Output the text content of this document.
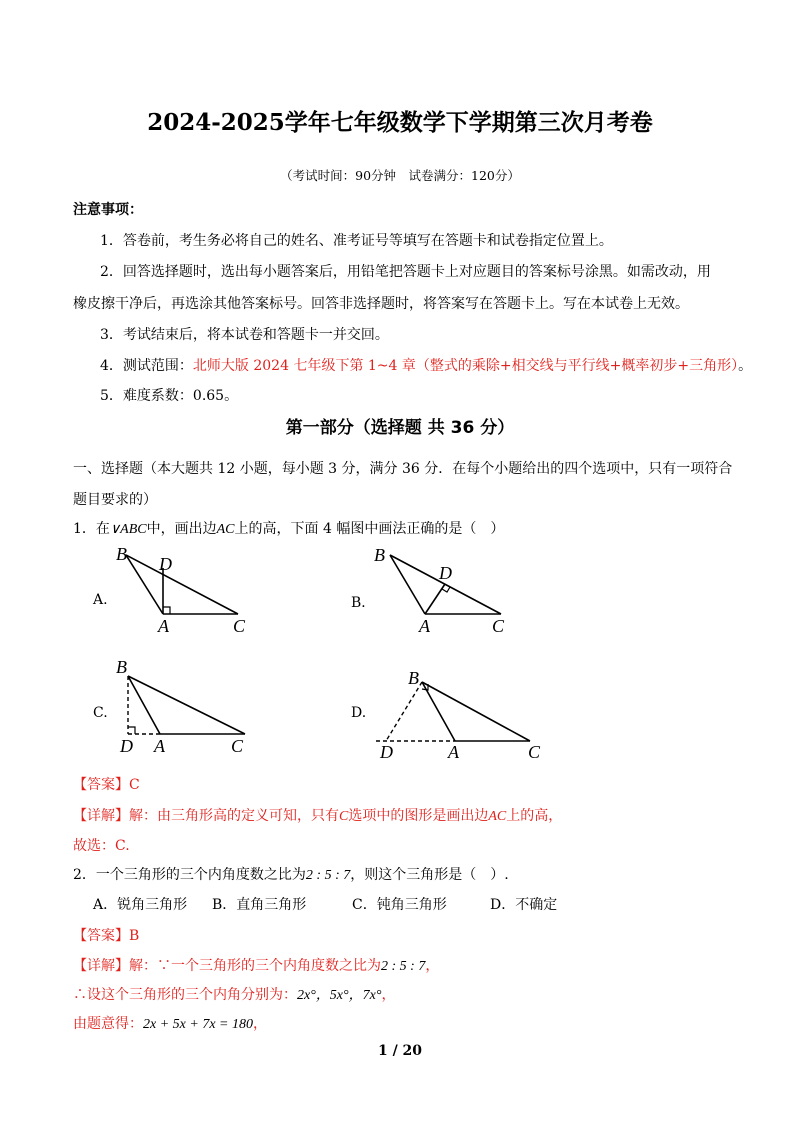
2024-2025学年七年级数学下学期第三次月考卷
（考试时间：90分钟　试卷满分：120分）
注意事项：
1．答卷前，考生务必将自己的姓名、准考证号等填写在答题卡和试卷指定位置上。
2．回答选择题时，选出每小题答案后，用铅笔把答题卡上对应题目的答案标号涂黑。如需改动，用
橡皮擦干净后，再选涂其他答案标号。回答非选择题时，将答案写在答题卡上。写在本试卷上无效。
3．考试结束后，将本试卷和答题卡一并交回。
4．测试范围：北师大版 2024 七年级下第 1~4 章（整式的乘除+相交线与平行线+概率初步+三角形）。
5．难度系数：0.65。
第一部分（选择题 共 36 分）
一、选择题（本大题共 12 小题，每小题 3 分，满分 36 分．在每个小题给出的四个选项中，只有一项符合
题目要求的）
1．在∨ABC中，画出边AC上的高，下面 4 幅图中画法正确的是（　）
A.	B．
C.	D.
B D
A	C
B
D
A	C
B
D A	C
B
D	A	C
【答案】C
【详解】解：由三角形高的定义可知，只有C选项中的图形是画出边AC上的高，
故选：C.
2．一个三角形的三个内角度数之比为2 : 5 : 7，则这个三角形是（　）.
A．锐角三角形 B．直角三角形	C．钝角三角形	D．不确定
【答案】B
【详解】解：∵一个三角形的三个内角度数之比为2 : 5 : 7，
∴设这个三角形的三个内角分别为：2x°，5x°，7x°，
由题意得：2x + 5x + 7x = 180，
1 / 20
